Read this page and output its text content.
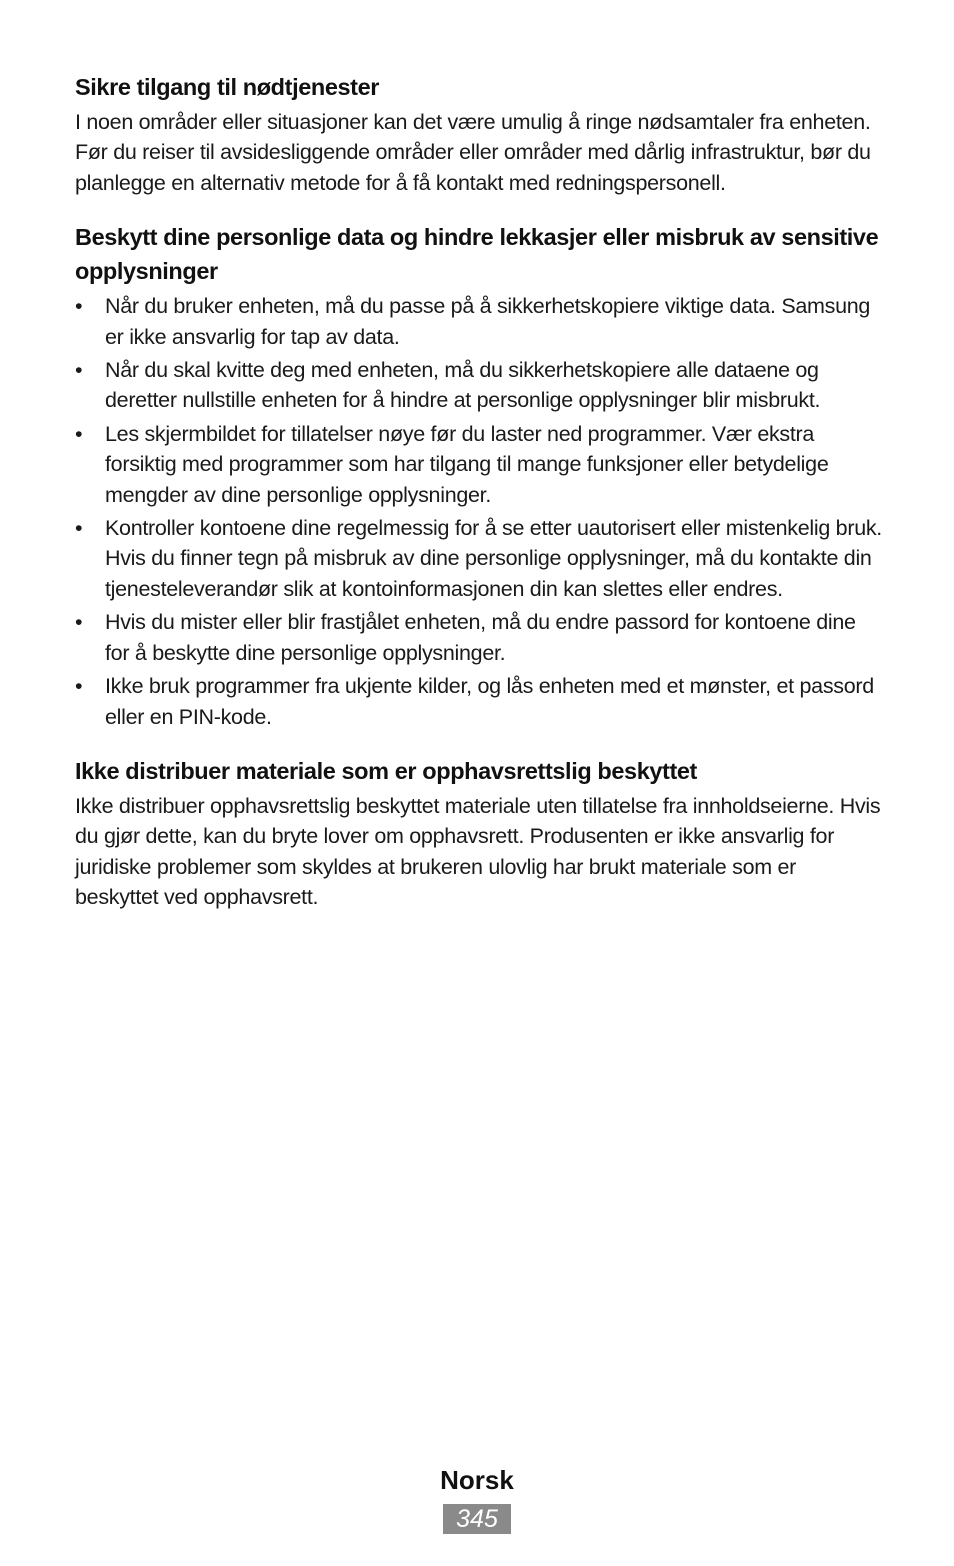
Sikre tilgang til nødtjenester

I noen områder eller situasjoner kan det være umulig å ringe nødsamtaler fra enheten. Før du reiser til avsidesliggende områder eller områder med dårlig infrastruktur, bør du planlegge en alternativ metode for å få kontakt med redningspersonell.

Beskytt dine personlige data og hindre lekkasjer eller misbruk av sensitive opplysninger
•	Når du bruker enheten, må du passe på å sikkerhetskopiere viktige data. Samsung er ikke ansvarlig for tap av data.
•	Når du skal kvitte deg med enheten, må du sikkerhetskopiere alle dataene og deretter nullstille enheten for å hindre at personlige opplysninger blir misbrukt.
•	Les skjermbildet for tillatelser nøye før du laster ned programmer. Vær ekstra forsiktig med programmer som har tilgang til mange funksjoner eller betydelige mengder av dine personlige opplysninger.
•	Kontroller kontoene dine regelmessig for å se etter uautorisert eller mistenkelig bruk. Hvis du finner tegn på misbruk av dine personlige opplysninger, må du kontakte din tjenesteleverandør slik at kontoinformasjonen din kan slettes eller endres.
•	Hvis du mister eller blir frastjålet enheten, må du endre passord for kontoene dine for å beskytte dine personlige opplysninger.
•	Ikke bruk programmer fra ukjente kilder, og lås enheten med et mønster, et passord eller en PIN-kode.
Ikke distribuer materiale som er opphavsrettslig beskyttet

Ikke distribuer opphavsrettslig beskyttet materiale uten tillatelse fra innholdseierne. Hvis du gjør dette, kan du bryte lover om opphavsrett. Produsenten er ikke ansvarlig for juridiske problemer som skyldes at brukeren ulovlig har brukt materiale som er beskyttet ved opphavsrett.

Norsk
345
